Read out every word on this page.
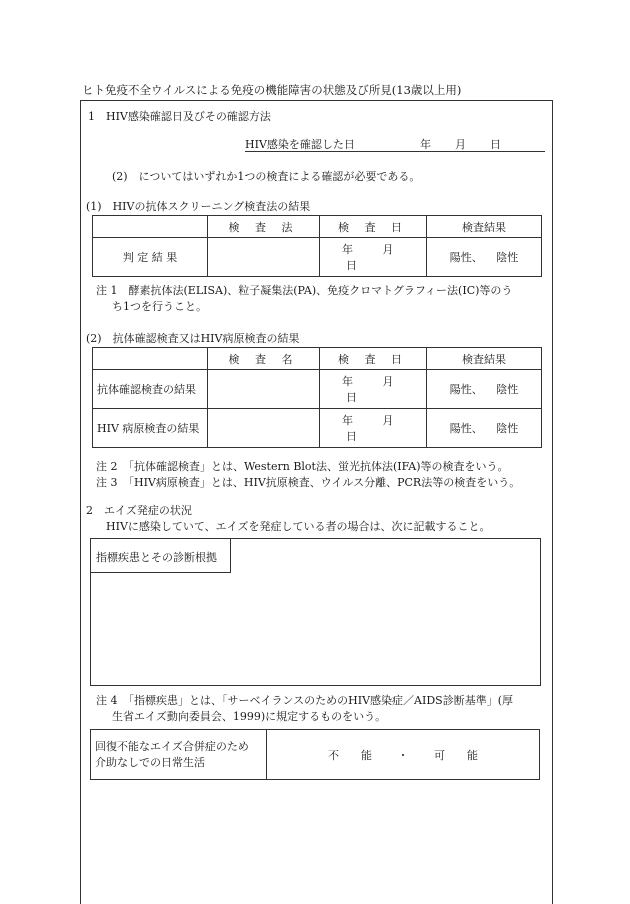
ヒト免疫不全ウイルスによる免疫の機能障害の状態及び所見(13歳以上用)
1　HIV感染確認日及びその確認方法
HIV感染を確認した日	年 月 日
(2)　についてはいずれか1つの検査による確認が必要である。
(1)　HIVの抗体スクリーニング検査法の結果
	検 査 法	検 査 日	検査結果
判 定 結 果		年 月 日	陽性、 陰性
注 1　酵素抗体法(ELISA)、粒子凝集法(PA)、免疫クロマトグラフィー法(IC)等のう
ち1つを行うこと。
(2)　抗体確認検査又はHIV病原検査の結果
	検 査 名	検 査 日	検査結果
抗体確認検査の結果		年 月 日	陽性、 陰性
HIV 病原検査の結果		年 月 日	陽性、 陰性
注 2　「抗体確認検査」とは、Western Blot法、蛍光抗体法(IFA)等の検査をいう。
注 3　「HIV病原検査」とは、HIV抗原検査、ウイルス分離、PCR法等の検査をいう。
2　エイズ発症の状況
HIVに感染していて、エイズを発症している者の場合は、次に記載すること。
指標疾患とその診断根拠
注 4　「指標疾患」とは、「サーベイランスのためのHIV感染症／AIDS診断基準」(厚
生省エイズ動向委員会、1999)に規定するものをいう。
回復不能なエイズ合併症のため
介助なしでの日常生活
	不　　能 ・ 可　　能
